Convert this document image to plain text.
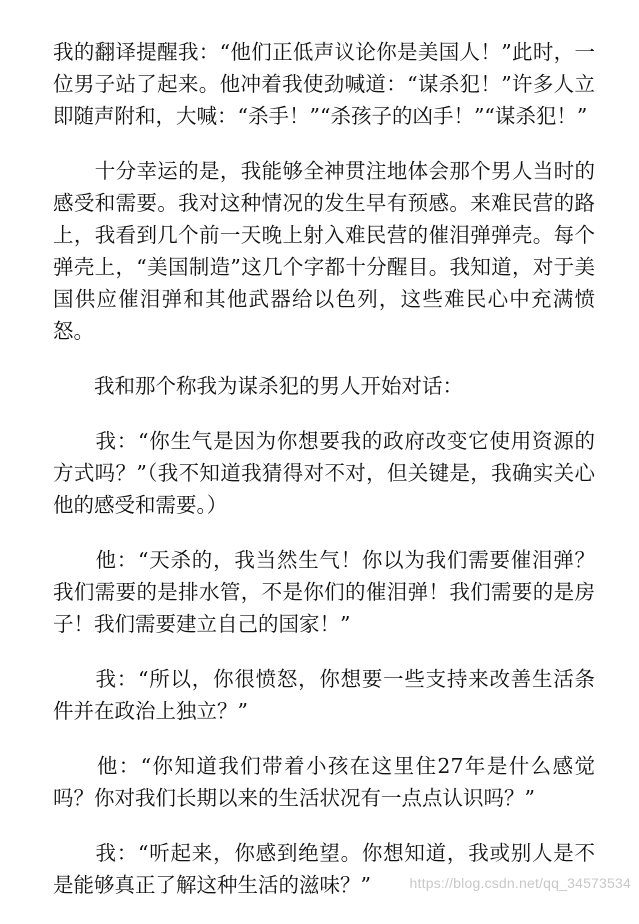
我的翻译提醒我：“他们正低声议论你是美国人！”此时，一位男子站了起来。他冲着我使劲喊道：“谋杀犯！”许多人立即随声附和，大喊：“杀手！”“杀孩子的凶手！”“谋杀犯！”

　　十分幸运的是，我能够全神贯注地体会那个男人当时的感受和需要。我对这种情况的发生早有预感。来难民营的路上，我看到几个前一天晚上射入难民营的催泪弹弹壳。每个弹壳上，“美国制造”这几个字都十分醒目。我知道，对于美国供应催泪弹和其他武器给以色列，这些难民心中充满愤怒。

　　我和那个称我为谋杀犯的男人开始对话：

　　我：“你生气是因为你想要我的政府改变它使用资源的方式吗？”（我不知道我猜得对不对，但关键是，我确实关心他的感受和需要。）

　　他：“天杀的，我当然生气！你以为我们需要催泪弹？我们需要的是排水管，不是你们的催泪弹！我们需要的是房子！我们需要建立自己的国家！”

　　我：“所以，你很愤怒，你想要一些支持来改善生活条件并在政治上独立？”

　　他：“你知道我们带着小孩在这里住27年是什么感觉吗？你对我们长期以来的生活状况有一点点认识吗？”

　　我：“听起来，你感到绝望。你想知道，我或别人是不是能够真正了解这种生活的滋味？”	https://blog.csdn.net/qq_34573534
